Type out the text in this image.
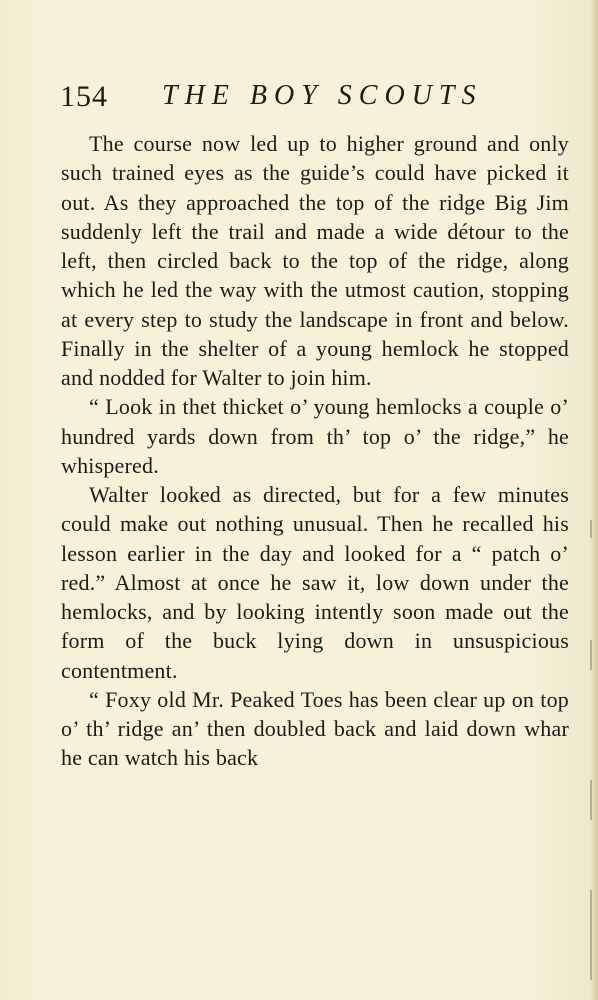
154 THE BOY SCOUTS

The course now led up to higher ground and only such trained eyes as the guide’s could have picked it out. As they approached the top of the ridge Big Jim suddenly left the trail and made a wide détour to the left, then circled back to the top of the ridge, along which he led the way with the utmost caution, stopping at every step to study the landscape in front and below. Finally in the shelter of a young hemlock he stopped and nodded for Walter to join him.

“ Look in thet thicket o’ young hemlocks a couple o’ hundred yards down from th’ top o’ the ridge,” he whispered.

Walter looked as directed, but for a few minutes could make out nothing unusual. Then he recalled his lesson earlier in the day and looked for a “ patch o’ red.” Almost at once he saw it, low down under the hemlocks, and by looking intently soon made out the form of the buck lying down in unsuspicious contentment.

“ Foxy old Mr. Peaked Toes has been clear up on top o’ th’ ridge an’ then doubled back and laid down whar he can watch his back
